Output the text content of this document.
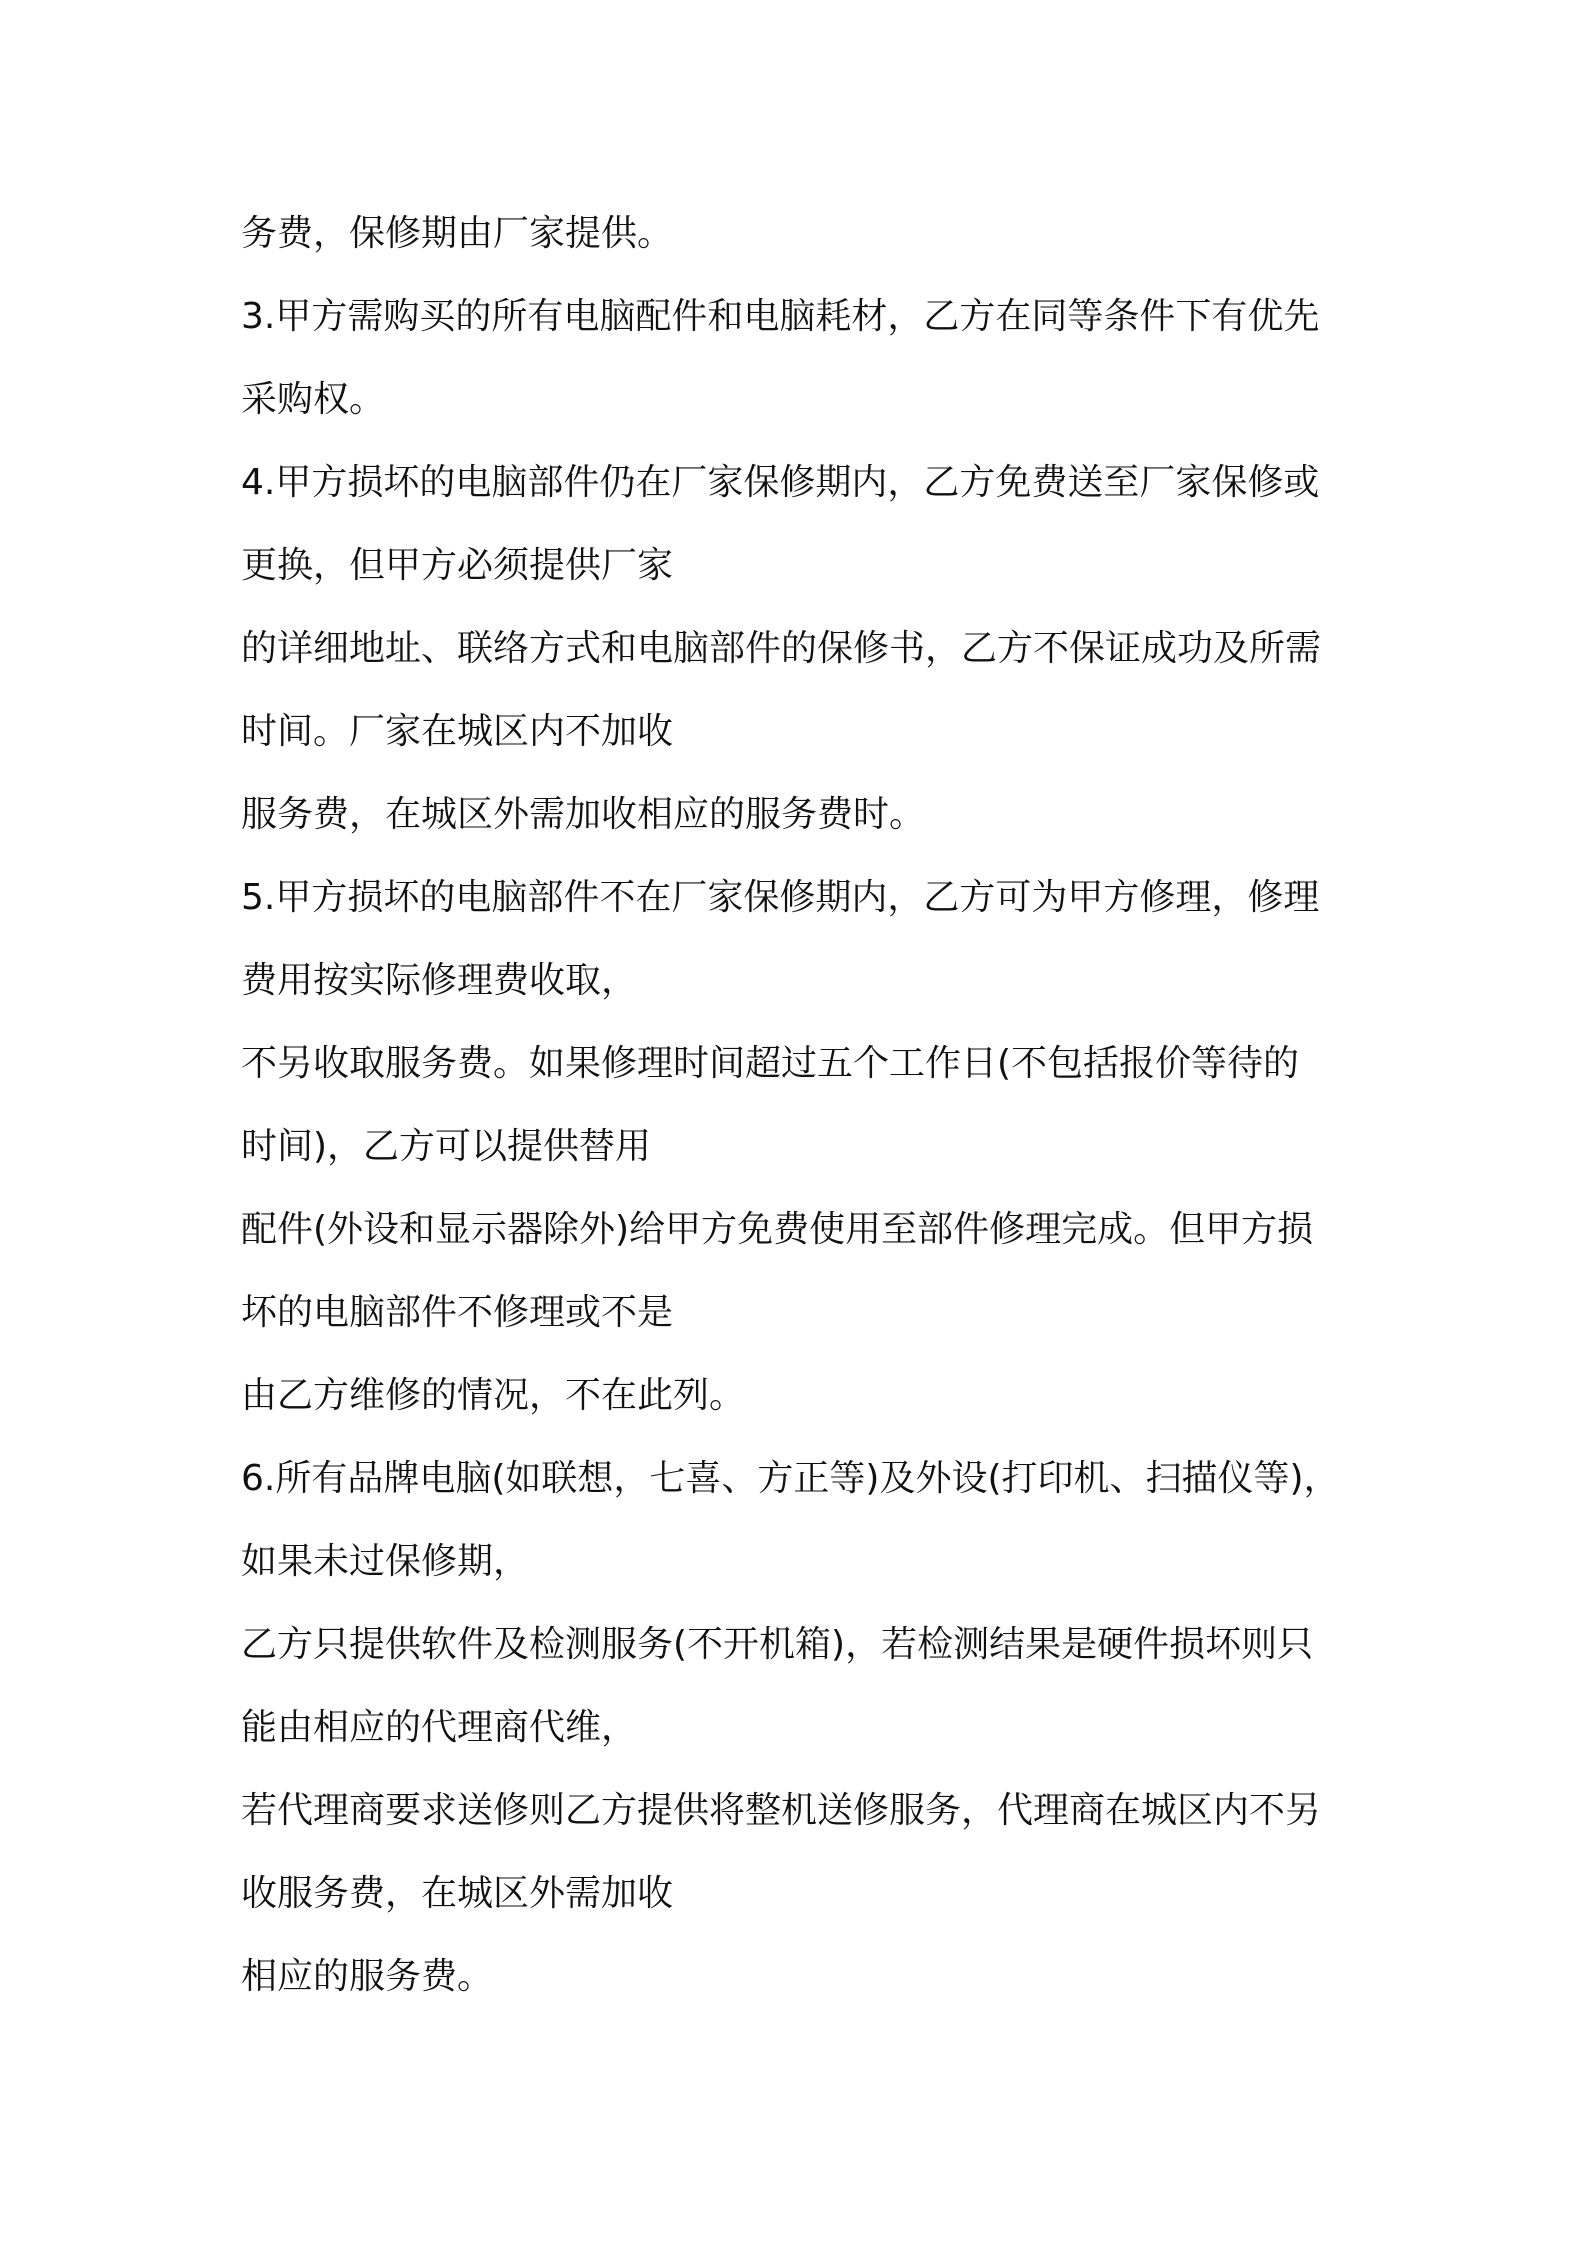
务费，保修期由厂家提供。
3.甲方需购买的所有电脑配件和电脑耗材，乙方在同等条件下有优先
采购权。
4.甲方损坏的电脑部件仍在厂家保修期内，乙方免费送至厂家保修或
更换，但甲方必须提供厂家
的详细地址、联络方式和电脑部件的保修书，乙方不保证成功及所需
时间。厂家在城区内不加收
服务费，在城区外需加收相应的服务费时。
5.甲方损坏的电脑部件不在厂家保修期内，乙方可为甲方修理，修理
费用按实际修理费收取，
不另收取服务费。如果修理时间超过五个工作日(不包括报价等待的
时间)，乙方可以提供替用
配件(外设和显示器除外)给甲方免费使用至部件修理完成。但甲方损
坏的电脑部件不修理或不是
由乙方维修的情况，不在此列。
6.所有品牌电脑(如联想，七喜、方正等)及外设(打印机、扫描仪等)，
如果未过保修期，
乙方只提供软件及检测服务(不开机箱)，若检测结果是硬件损坏则只
能由相应的代理商代维，
若代理商要求送修则乙方提供将整机送修服务，代理商在城区内不另
收服务费，在城区外需加收
相应的服务费。
